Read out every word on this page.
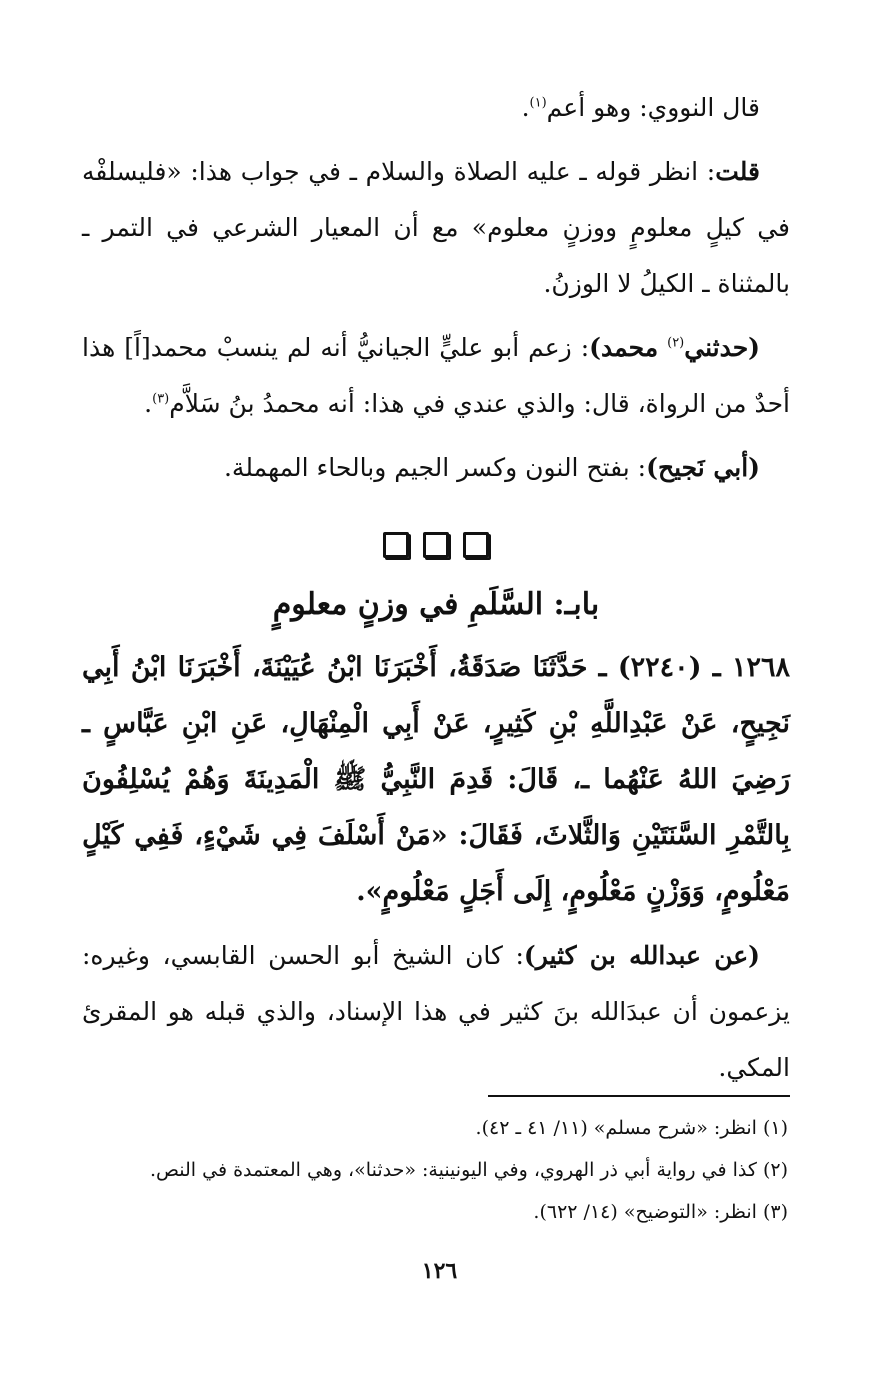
قال النووي: وهو أعم$^{(١)}$.

قلت: انظر قوله ـ عليه الصلاة والسلام ـ في جواب هذا: «فليسلفْه في كيلٍ معلومٍ ووزنٍ معلوم» مع أن المعيار الشرعي في التمر ـ بالمثناة ـ الكيلُ لا الوزنُ.

(حدثني$^{(٢)}$ محمد): زعم أبو عليٍّ الجيانيُّ أنه لم ينسبْ محمد[اً] هذا أحدٌ من الرواة، قال: والذي عندي في هذا: أنه محمدُ بنُ سَلاَّم$^{(٣)}$.

(أبي نَجيح): بفتح النون وكسر الجيم وبالحاء المهملة.

بابـ: السَّلَمِ في وزنٍ معلومٍ

١٢٦٨ ـ (٢٢٤٠) ـ حَدَّثَنَا صَدَقَةُ، أَخْبَرَنَا ابْنُ عُيَيْنَةَ، أَخْبَرَنَا ابْنُ أَبِي نَجِيحٍ، عَنْ عَبْدِاللَّهِ بْنِ كَثِيرٍ، عَنْ أَبِي الْمِنْهَالِ، عَنِ ابْنِ عَبَّاسٍ ـ رَضِيَ اللهُ عَنْهُما ـ، قَالَ: قَدِمَ النَّبِيُّ ﷺ الْمَدِينَةَ وَهُمْ يُسْلِفُونَ بِالتَّمْرِ السَّنَتَيْنِ وَالثَّلاثَ، فَقَالَ: «مَنْ أَسْلَفَ فِي شَيْءٍ، فَفِي كَيْلٍ مَعْلُومٍ، وَوَزْنٍ مَعْلُومٍ، إِلَى أَجَلٍ مَعْلُومٍ».

(عن عبدالله بن كثير): كان الشيخ أبو الحسن القابسي، وغيره: يزعمون أن عبدَالله بنَ كثير في هذا الإسناد، والذي قبله هو المقرئ المكي.

(١) انظر: «شرح مسلم» (١١/ ٤١ ـ ٤٢).
(٢) كذا في رواية أبي ذر الهروي، وفي اليونينية: «حدثنا»، وهي المعتمدة في النص.
(٣) انظر: «التوضيح» (١٤/ ٦٢٢).
١٢٦
